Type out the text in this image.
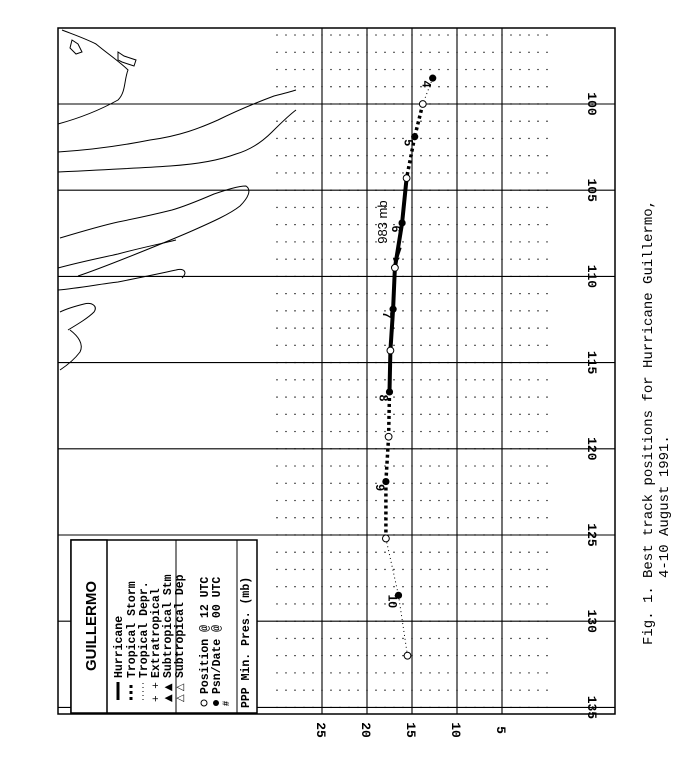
100
105
110
115
120
125
130
135
25 20 15 10 5
4
5
6
7
8
9
10
983 mb
GUILLERMO Hurricane Tropical Storm Tropical Depr.
+ +
Extratropical
▲ ▲
Subtropical Stm
△ △
Subtropical Dep Position @ 12 UTC
#
Psn/Date @ 00 UTC PPP Min. Pres. (mb)	Fig. 1.
Best track positions for Hurricane Guillermo, 4-10 August 1991.
